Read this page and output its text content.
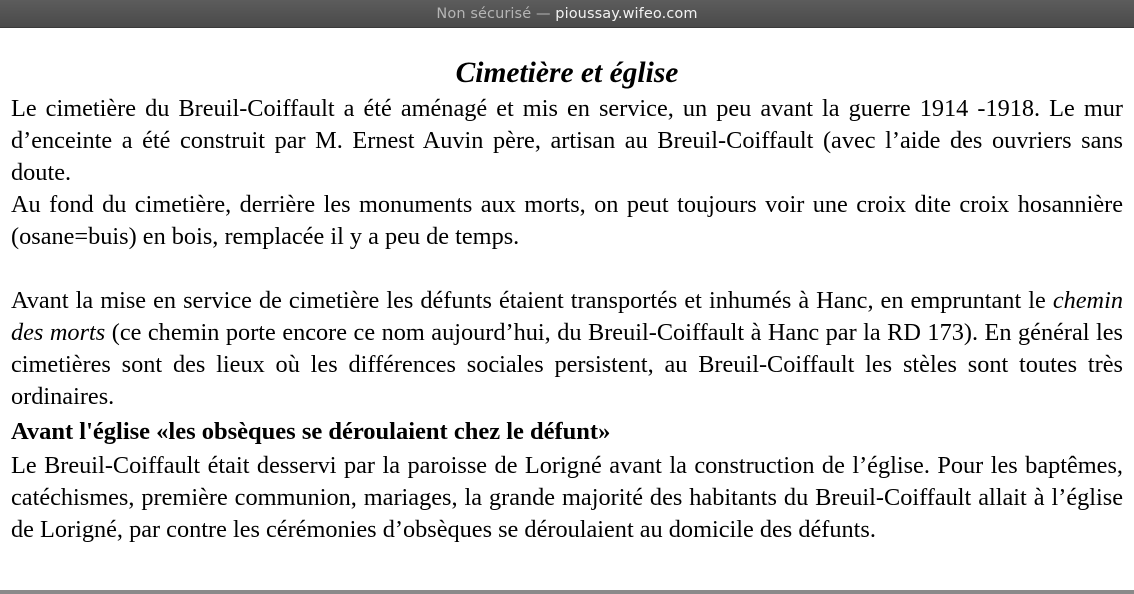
Non sécurisé — pioussay.wifeo.com
Cimetière et église

Le cimetière du Breuil-Coiffault a été aménagé et mis en service, un peu avant la guerre 1914 -1918. Le mur d’enceinte a été construit par M. Ernest Auvin père, artisan au Breuil-Coiffault (avec l’aide des ouvriers sans doute.

Au fond du cimetière, derrière les monuments aux morts, on peut toujours voir une croix dite croix hosannière (osane=buis) en bois, remplacée il y a peu de temps.

Avant la mise en service de cimetière les défunts étaient transportés et inhumés à Hanc, en empruntant le chemin des morts (ce chemin porte encore ce nom aujourd’hui, du Breuil-Coiffault à Hanc par la RD 173). En général les cimetières sont des lieux où les différences sociales persistent, au Breuil-Coiffault les stèles sont toutes très ordinaires.

Avant l'église «les obsèques se déroulaient chez le défunt»

Le Breuil-Coiffault était desservi par la paroisse de Lorigné avant la construction de l’église. Pour les baptêmes, catéchismes, première communion, mariages, la grande majorité des habitants du Breuil-Coiffault allait à l’église de Lorigné, par contre les cérémonies d’obsèques se déroulaient au domicile des défunts.
